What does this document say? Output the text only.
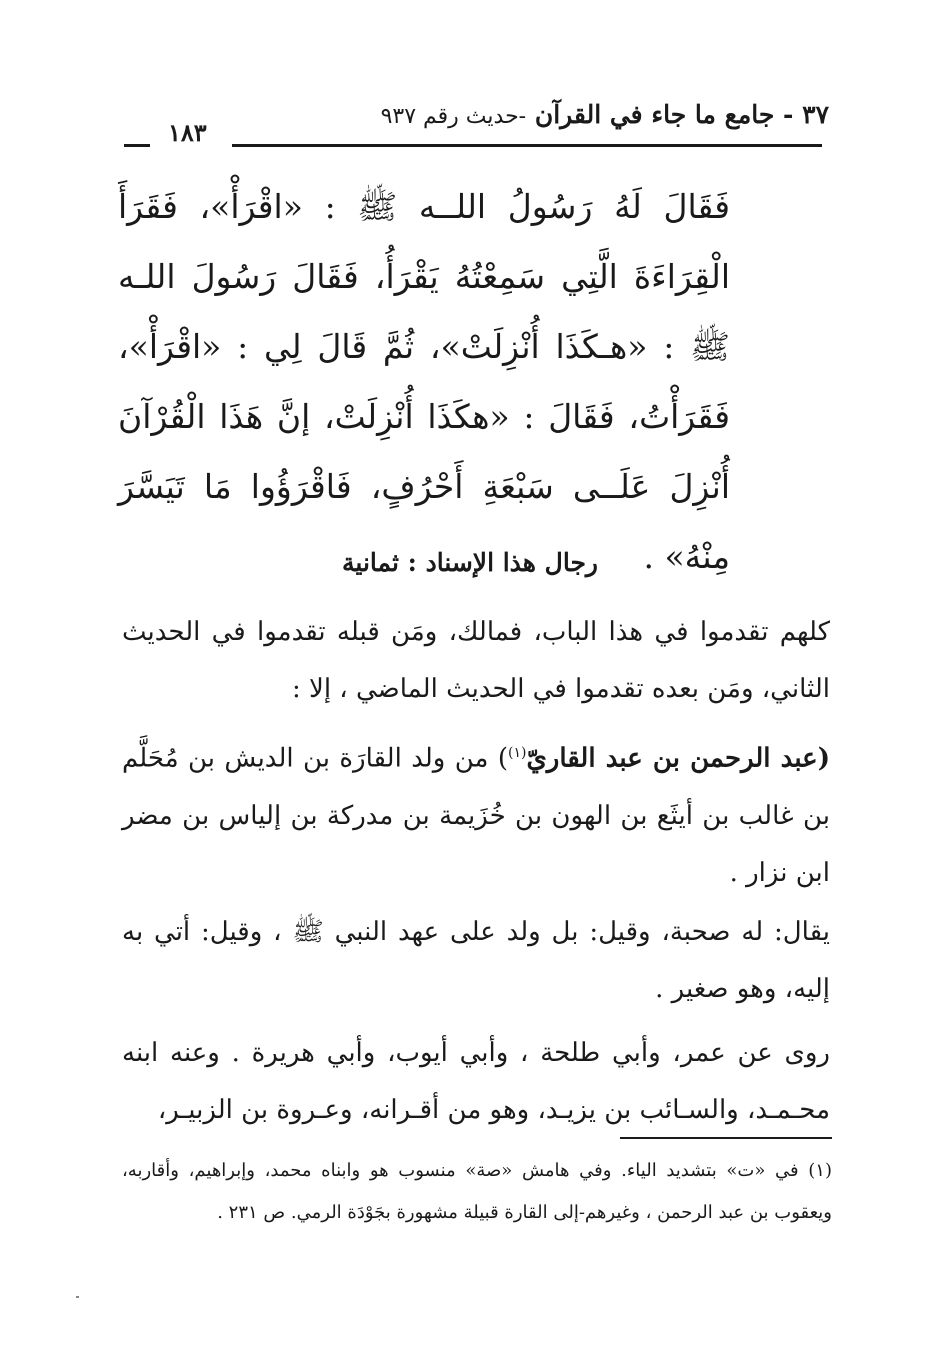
٣٧ - جامع ما جاء في القرآن -حديث رقم ٩٣٧
١٨٣
فَقَالَ لَهُ رَسُولُ اللــه ﷺ : «اقْرَأْ»، فَقَرَأَ الْقِرَاءَةَ الَّتِي سَمِعْتُهُ يَقْرَأُ، فَقَالَ رَسُولَ اللـه ﷺ : «هـكَذَا أُنْزِلَتْ»، ثُمَّ قَالَ لِي : «اقْرَأْ»، فَقَرَأْتُ، فَقَالَ : «هكَذَا أُنْزِلَتْ، إنَّ هَذَا الْقُرْآنَ أُنْزِلَ عَلَــى سَبْعَةِ أَحْرُفٍ، فَاقْرَؤُوا مَا تَيَسَّرَ مِنْهُ» .
رجال هذا الإسناد : ثمانية

كلهم تقدموا في هذا الباب، فمالك، ومَن قبله تقدموا في الحديث الثاني، ومَن بعده تقدموا في الحديث الماضي ، إلا :

(عبد الرحمن بن عبد القاريّ$^{(١)}$) من ولد القارَة بن الديش بن مُحَلَّم بن غالب بن أيثَع بن الهون بن خُزَيمة بن مدركة بن إلياس بن مضر ابن نزار .

يقال: له صحبة، وقيل: بل ولد على عهد النبي ﷺ ، وقيل: أتي به إليه، وهو صغير .

روى عن عمر، وأبي طلحة ، وأبي أيوب، وأبي هريرة . وعنه ابنه محـمـد، والسـائب بن يزيـد، وهو من أقـرانه، وعـروة بن الزبيـر،

(١) في «ت» بتشديد الياء. وفي هامش «صة» منسوب هو وابناه محمد، وإبراهيم، وأقاربه، ويعقوب بن عبد الرحمن ، وغيرهم-إلى القارة قبيلة مشهورة بجَوْدَة الرمي. ص ٢٣١ .
